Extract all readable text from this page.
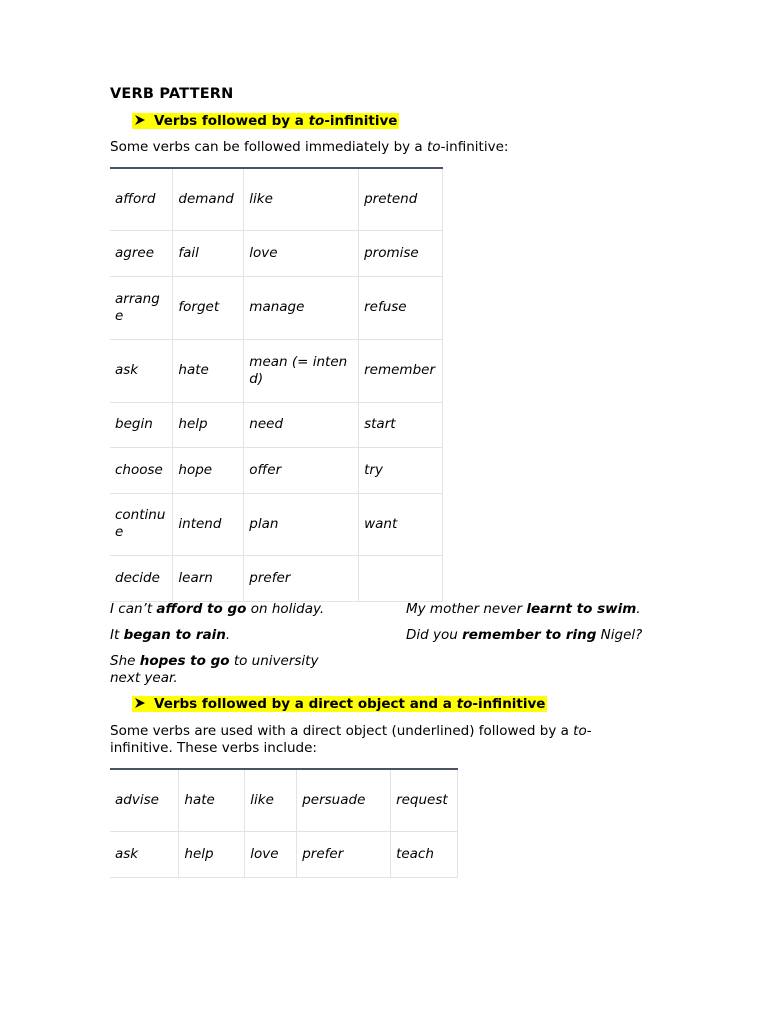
VERB PATTERN
Verbs followed by a to-infinitive
Some verbs can be followed immediately by a to-infinitive:
afford	demand	like	pretend
agree	fail	love	promise
arrange	forget	manage	refuse
ask	hate	mean (= intend)	remember
begin	help	need	start
choose	hope	offer	try
continue	intend	plan	want
decide	learn	prefer	
I can’t afford to go on holiday.
It began to rain.
She hopes to go to university next year.
My mother never learnt to swim.
Did you remember to ring Nigel?
Verbs followed by a direct object and a to-infinitive
Some verbs are used with a direct object (underlined) followed by a to-infinitive. These verbs include:
advise	hate	like	persuade	request
ask	help	love	prefer	teach
